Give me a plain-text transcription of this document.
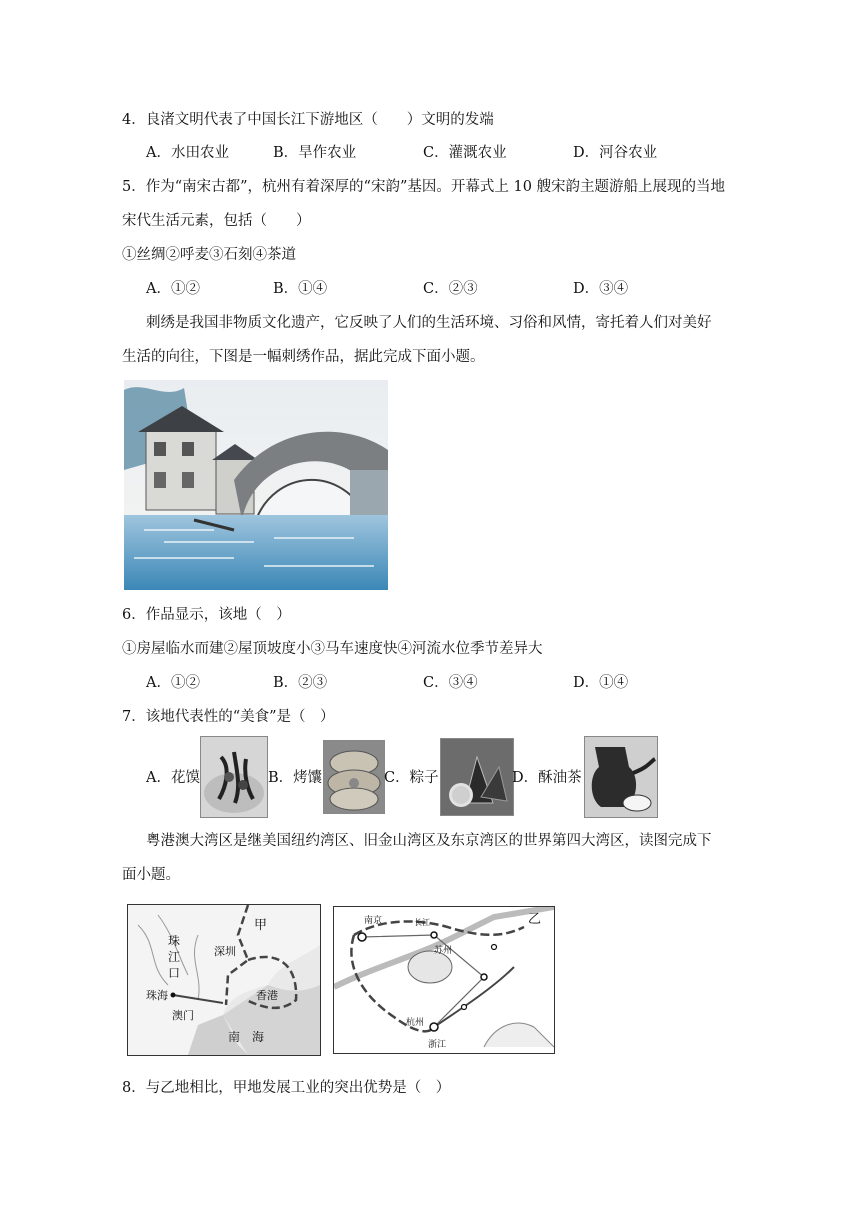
4．良渚文明代表了中国长江下游地区（　　）文明的发端
A．水田农业	B．旱作农业	C．灌溉农业	D．河谷农业
5．作为“南宋古都”，杭州有着深厚的“宋韵”基因。开幕式上 10 艘宋韵主题游船上展现的当地
宋代生活元素，包括（　　）
①丝绸②呼麦③石刻④茶道
A．①②	B．①④	C．②③	D．③④
刺绣是我国非物质文化遗产，它反映了人们的生活环境、习俗和风情，寄托着人们对美好
生活的向往，下图是一幅刺绣作品，据此完成下面小题。
6．作品显示，该地（　）
①房屋临水而建②屋顶坡度小③马车速度快④河流水位季节差异大
A．①②	B．②③	C．③④	D．①④
7．该地代表性的“美食”是（　）
A．花馍	B．烤馕	C．粽子	D．酥油茶
粤港澳大湾区是继美国纽约湾区、旧金山湾区及东京湾区的世界第四大湾区，读图完成下
面小题。
甲
珠
江
口
深圳
珠海	香港
澳门
南 海
乙
南京
苏州
长江
杭州
浙江
8．与乙地相比，甲地发展工业的突出优势是（　）
